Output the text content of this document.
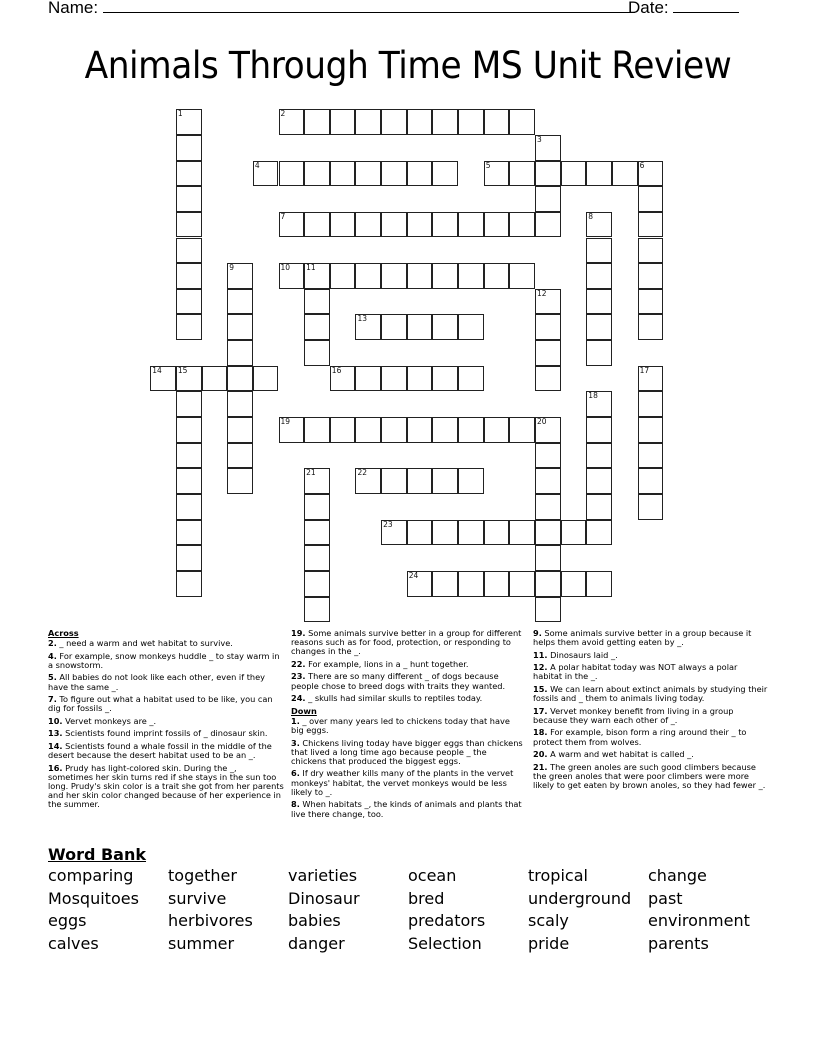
Name:	Date:
Animals Through Time MS Unit Review
2
4	5	6
7
10 11
13
14 15	16
19	20
22
23
24
1
3
8
9
12
17
18
21
Across
2. _ need a warm and wet habitat to survive.
4. For example, snow monkeys huddle _ to stay warm in a snowstorm.
5. All babies do not look like each other, even if they have the same _.
7. To figure out what a habitat used to be like, you can dig for fossils _.
10. Vervet monkeys are _.
13. Scientists found imprint fossils of _ dinosaur skin.
14. Scientists found a whale fossil in the middle of the desert because the desert habitat used to be an _.
16. Prudy has light-colored skin. During the _, sometimes her skin turns red if she stays in the sun too long. Prudy's skin color is a trait she got from her parents and her skin color changed because of her experience in the summer.
19. Some animals survive better in a group for different reasons such as for food, protection, or responding to changes in the _.
22. For example, lions in a _ hunt together.
23. There are so many different _ of dogs because people chose to breed dogs with traits they wanted.
24. _ skulls had similar skulls to reptiles today.
Down
1. _ over many years led to chickens today that have big eggs.
3. Chickens living today have bigger eggs than chickens that lived a long time ago because people _ the chickens that produced the biggest eggs.
6. If dry weather kills many of the plants in the vervet monkeys' habitat, the vervet monkeys would be less likely to _.
8. When habitats _, the kinds of animals and plants that live there change, too.
9. Some animals survive better in a group because it helps them avoid getting eaten by _.
11. Dinosaurs laid _.
12. A polar habitat today was NOT always a polar habitat in the _.
15. We can learn about extinct animals by studying their fossils and _ them to animals living today.
17. Vervet monkey benefit from living in a group because they warn each other of _.
18. For example, bison form a ring around their _ to protect them from wolves.
20. A warm and wet habitat is called _.
21. The green anoles are such good climbers because the green anoles that were poor climbers were more likely to get eaten by brown anoles, so they had fewer _.
Word Bank
comparing	together	varieties	ocean	tropical	change
Mosquitoes	survive	Dinosaur	bred	underground	past
eggs	herbivores	babies	predators	scaly	environment
calves	summer	danger	Selection	pride	parents
